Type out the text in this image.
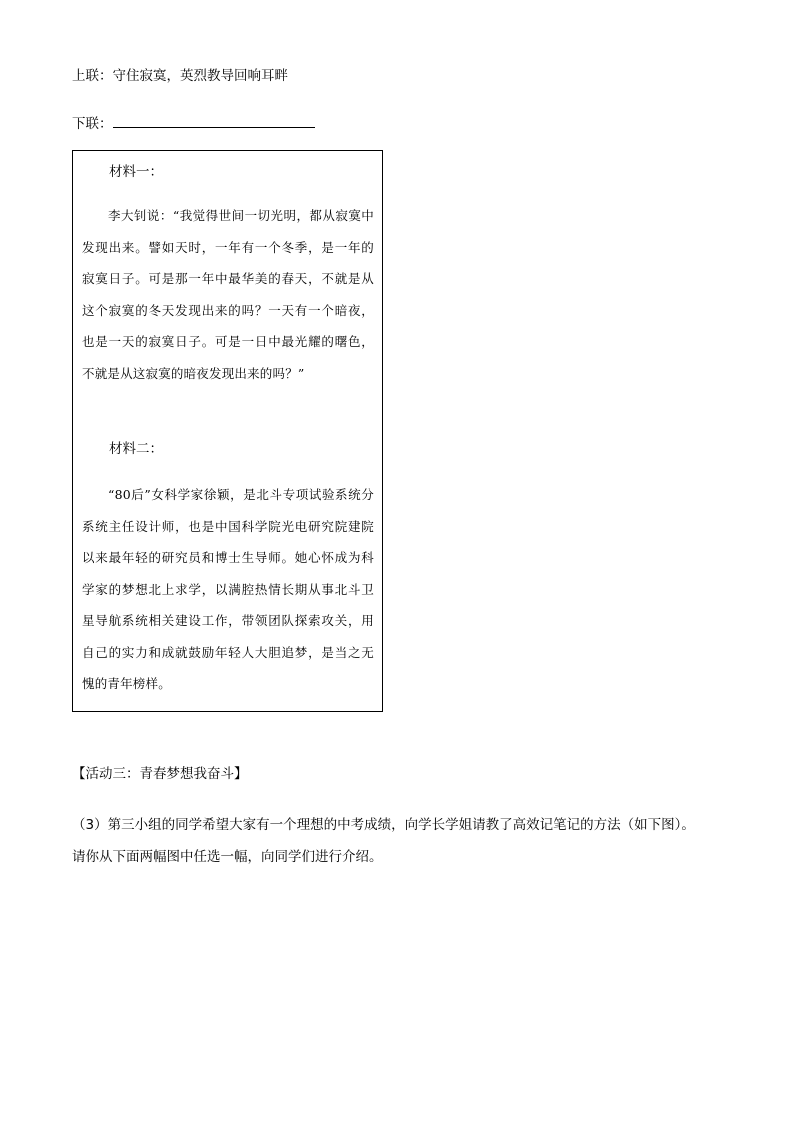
上联：守住寂寞，英烈教导回响耳畔
下联：
材料一：
李大钊说：“我觉得世间一切光明，都从寂寞中发现出来。譬如天时，一年有一个冬季，是一年的寂寞日子。可是那一年中最华美的春天，不就是从这个寂寞的冬天发现出来的吗？一天有一个暗夜，也是一天的寂寞日子。可是一日中最光耀的曙色，不就是从这寂寞的暗夜发现出来的吗？”
材料二：
“80后”女科学家徐颖，是北斗专项试验系统分系统主任设计师，也是中国科学院光电研究院建院以来最年轻的研究员和博士生导师。她心怀成为科学家的梦想北上求学，以满腔热情长期从事北斗卫星导航系统相关建设工作，带领团队探索攻关，用自己的实力和成就鼓励年轻人大胆追梦，是当之无愧的青年榜样。
【活动三：青春梦想我奋斗】
（3）第三小组的同学希望大家有一个理想的中考成绩，向学长学姐请教了高效记笔记的方法（如下图）。
请你从下面两幅图中任选一幅，向同学们进行介绍。
